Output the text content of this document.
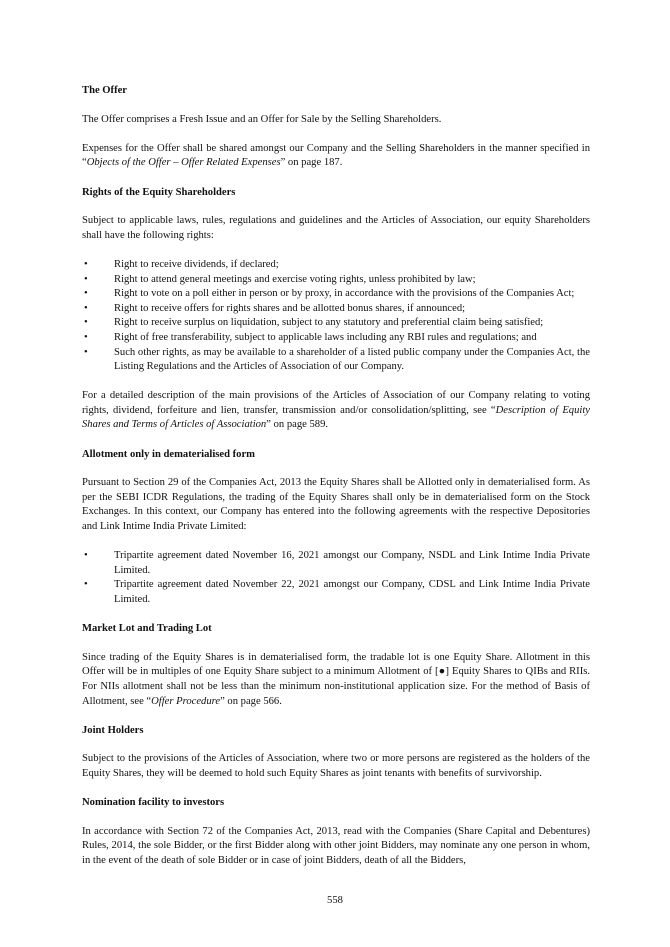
The Offer

The Offer comprises a Fresh Issue and an Offer for Sale by the Selling Shareholders.

Expenses for the Offer shall be shared amongst our Company and the Selling Shareholders in the manner specified in “Objects of the Offer – Offer Related Expenses” on page 187.

Rights of the Equity Shareholders

Subject to applicable laws, rules, regulations and guidelines and the Articles of Association, our equity Shareholders shall have the following rights:

• Right to receive dividends, if declared;
• Right to attend general meetings and exercise voting rights, unless prohibited by law;
• Right to vote on a poll either in person or by proxy, in accordance with the provisions of the Companies Act;
• Right to receive offers for rights shares and be allotted bonus shares, if announced;
• Right to receive surplus on liquidation, subject to any statutory and preferential claim being satisfied;
• Right of free transferability, subject to applicable laws including any RBI rules and regulations; and
• Such other rights, as may be available to a shareholder of a listed public company under the Companies Act, the Listing Regulations and the Articles of Association of our Company.

For a detailed description of the main provisions of the Articles of Association of our Company relating to voting rights, dividend, forfeiture and lien, transfer, transmission and/or consolidation/splitting, see “Description of Equity Shares and Terms of Articles of Association” on page 589.

Allotment only in dematerialised form

Pursuant to Section 29 of the Companies Act, 2013 the Equity Shares shall be Allotted only in dematerialised form. As per the SEBI ICDR Regulations, the trading of the Equity Shares shall only be in dematerialised form on the Stock Exchanges. In this context, our Company has entered into the following agreements with the respective Depositories and Link Intime India Private Limited:

• Tripartite agreement dated November 16, 2021 amongst our Company, NSDL and Link Intime India Private Limited.
• Tripartite agreement dated November 22, 2021 amongst our Company, CDSL and Link Intime India Private Limited.
Market Lot and Trading Lot

Since trading of the Equity Shares is in dematerialised form, the tradable lot is one Equity Share. Allotment in this Offer will be in multiples of one Equity Share subject to a minimum Allotment of [●] Equity Shares to QIBs and RIIs. For NIIs allotment shall not be less than the minimum non-institutional application size. For the method of Basis of Allotment, see “Offer Procedure” on page 566.

Joint Holders

Subject to the provisions of the Articles of Association, where two or more persons are registered as the holders of the Equity Shares, they will be deemed to hold such Equity Shares as joint tenants with benefits of survivorship.

Nomination facility to investors

In accordance with Section 72 of the Companies Act, 2013, read with the Companies (Share Capital and Debentures) Rules, 2014, the sole Bidder, or the first Bidder along with other joint Bidders, may nominate any one person in whom, in the event of the death of sole Bidder or in case of joint Bidders, death of all the Bidders,

558
